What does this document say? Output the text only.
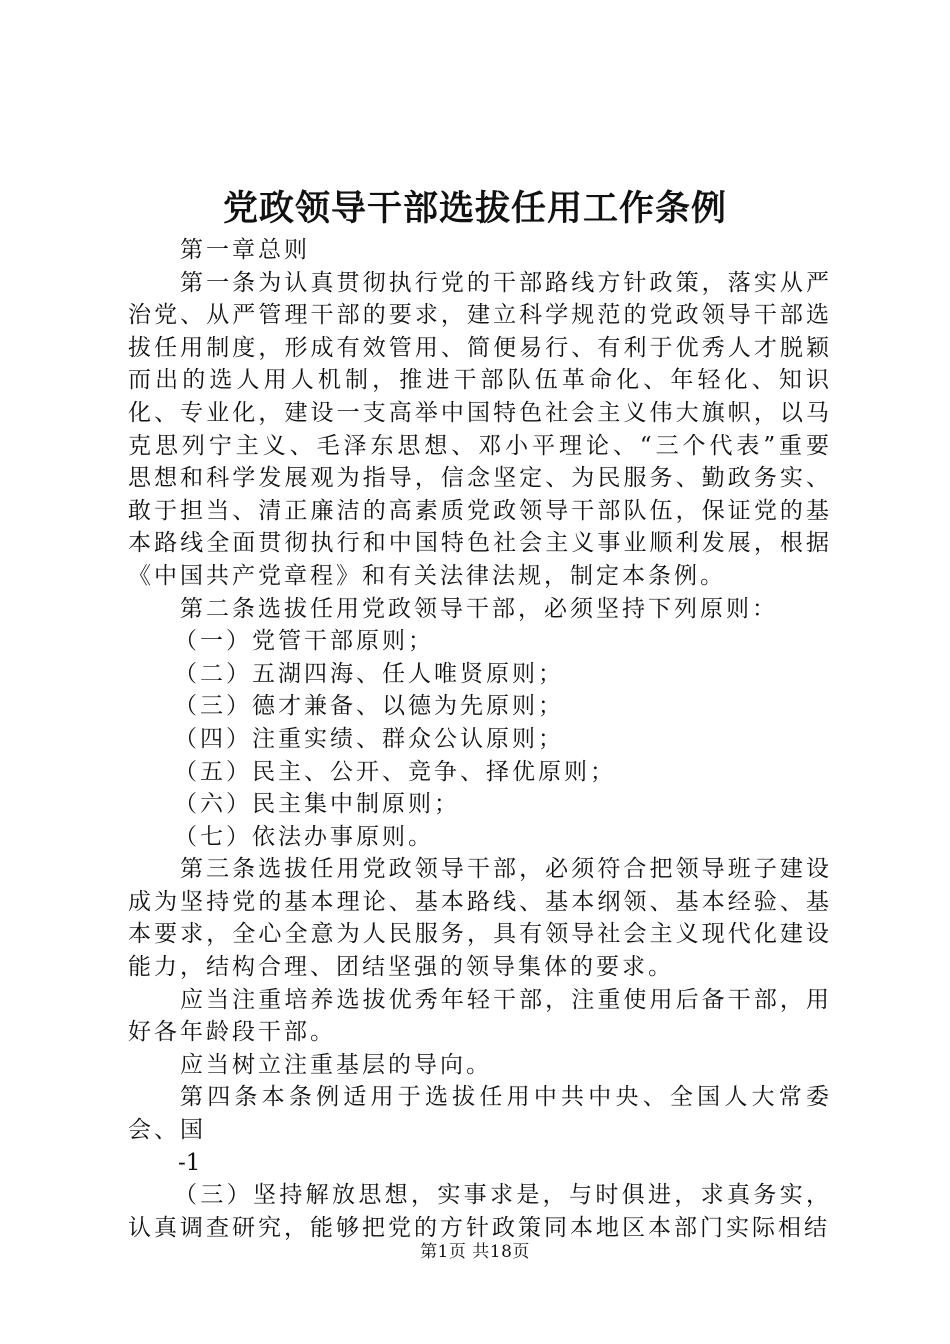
党政领导干部选拔任用工作条例

第一章总则

第一条为认真贯彻执行党的干部路线方针政策，落实从严治党、从严管理干部的要求，建立科学规范的党政领导干部选拔任用制度，形成有效管用、简便易行、有利于优秀人才脱颖而出的选人用人机制，推进干部队伍革命化、年轻化、知识化、专业化，建设一支高举中国特色社会主义伟大旗帜，以马克思列宁主义、毛泽东思想、邓小平理论、“三个代表”重要思想和科学发展观为指导，信念坚定、为民服务、勤政务实、敢于担当、清正廉洁的高素质党政领导干部队伍，保证党的基本路线全面贯彻执行和中国特色社会主义事业顺利发展，根据《中国共产党章程》和有关法律法规，制定本条例。

第二条选拔任用党政领导干部，必须坚持下列原则：

（一）党管干部原则；

（二）五湖四海、任人唯贤原则；

（三）德才兼备、以德为先原则；

（四）注重实绩、群众公认原则；

（五）民主、公开、竞争、择优原则；

（六）民主集中制原则；

（七）依法办事原则。

第三条选拔任用党政领导干部，必须符合把领导班子建设成为坚持党的基本理论、基本路线、基本纲领、基本经验、基本要求，全心全意为人民服务，具有领导社会主义现代化建设能力，结构合理、团结坚强的领导集体的要求。

应当注重培养选拔优秀年轻干部，注重使用后备干部，用好各年龄段干部。

应当树立注重基层的导向。

第四条本条例适用于选拔任用中共中央、全国人大常委会、国

-1

（三）坚持解放思想，实事求是，与时俱进，求真务实，认真调查研究，能够把党的方针政策同本地区本部门实际相结

第1页 共18页
